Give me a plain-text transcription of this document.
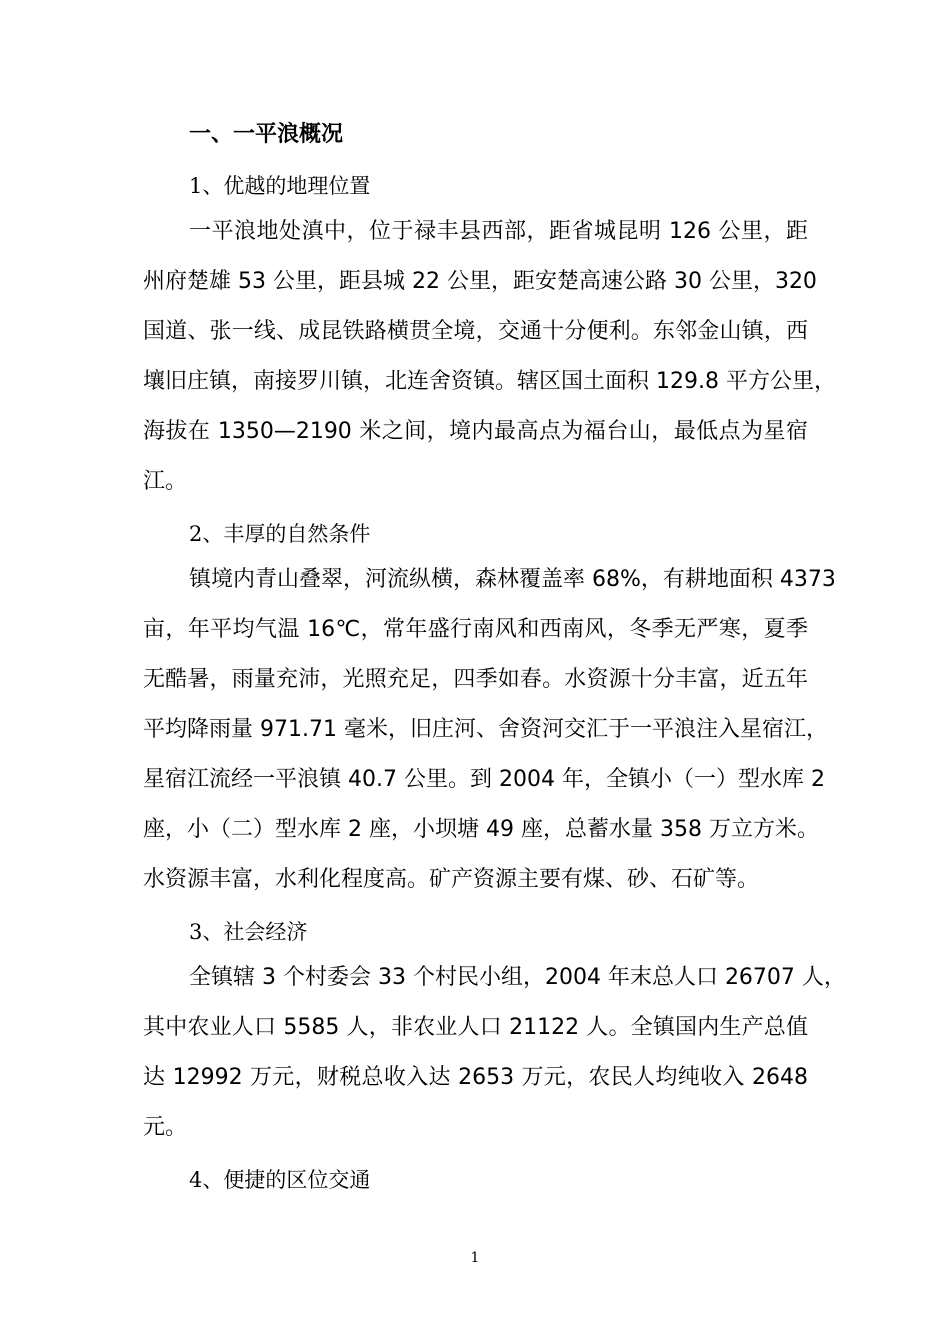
一、一平浪概况
1、优越的地理位置
一平浪地处滇中，位于禄丰县西部，距省城昆明 126 公里，距
州府楚雄 53 公里，距县城 22 公里，距安楚高速公路 30 公里，320
国道、张一线、成昆铁路横贯全境，交通十分便利。东邻金山镇，西
壤旧庄镇，南接罗川镇，北连舍资镇。辖区国土面积 129.8 平方公里，
海拔在 1350—2190 米之间，境内最高点为福台山，最低点为星宿
江。
2、丰厚的自然条件
镇境内青山叠翠，河流纵横，森林覆盖率 68%，有耕地面积 4373
亩，年平均气温 16℃，常年盛行南风和西南风，冬季无严寒，夏季
无酷暑，雨量充沛，光照充足，四季如春。水资源十分丰富，近五年
平均降雨量 971.71 毫米，旧庄河、舍资河交汇于一平浪注入星宿江，
星宿江流经一平浪镇 40.7 公里。到 2004 年，全镇小（一）型水库 2
座，小（二）型水库 2 座，小坝塘 49 座，总蓄水量 358 万立方米。
水资源丰富，水利化程度高。矿产资源主要有煤、砂、石矿等。
3、社会经济
全镇辖 3 个村委会 33 个村民小组，2004 年末总人口 26707 人，
其中农业人口 5585 人，非农业人口 21122 人。全镇国内生产总值
达 12992 万元，财税总收入达 2653 万元，农民人均纯收入 2648
元。
4、便捷的区位交通
1
